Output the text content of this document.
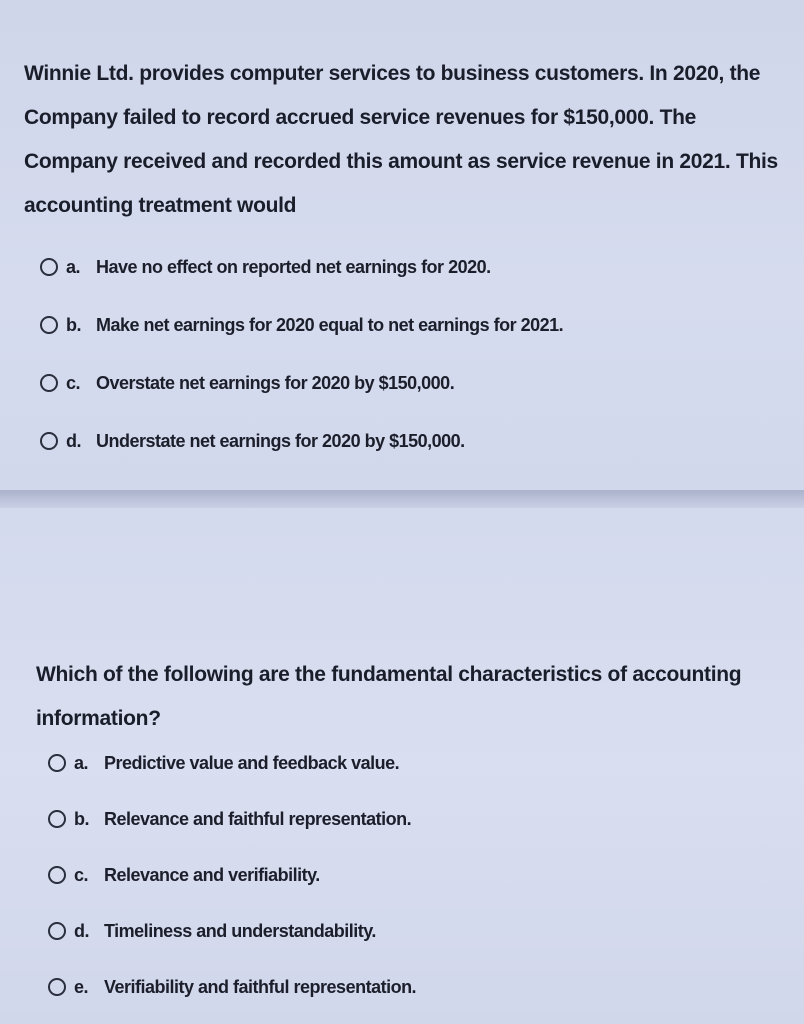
Winnie Ltd. provides computer services to business customers. In 2020, the Company failed to record accrued service revenues for $150,000. The Company received and recorded this amount as service revenue in 2021. This accounting treatment would

a. Have no effect on reported net earnings for 2020.
b. Make net earnings for 2020 equal to net earnings for 2021.
c. Overstate net earnings for 2020 by $150,000.
d. Understate net earnings for 2020 by $150,000.

Which of the following are the fundamental characteristics of accounting information?

a. Predictive value and feedback value.
b. Relevance and faithful representation.
c. Relevance and verifiability.
d. Timeliness and understandability.
e. Verifiability and faithful representation.
